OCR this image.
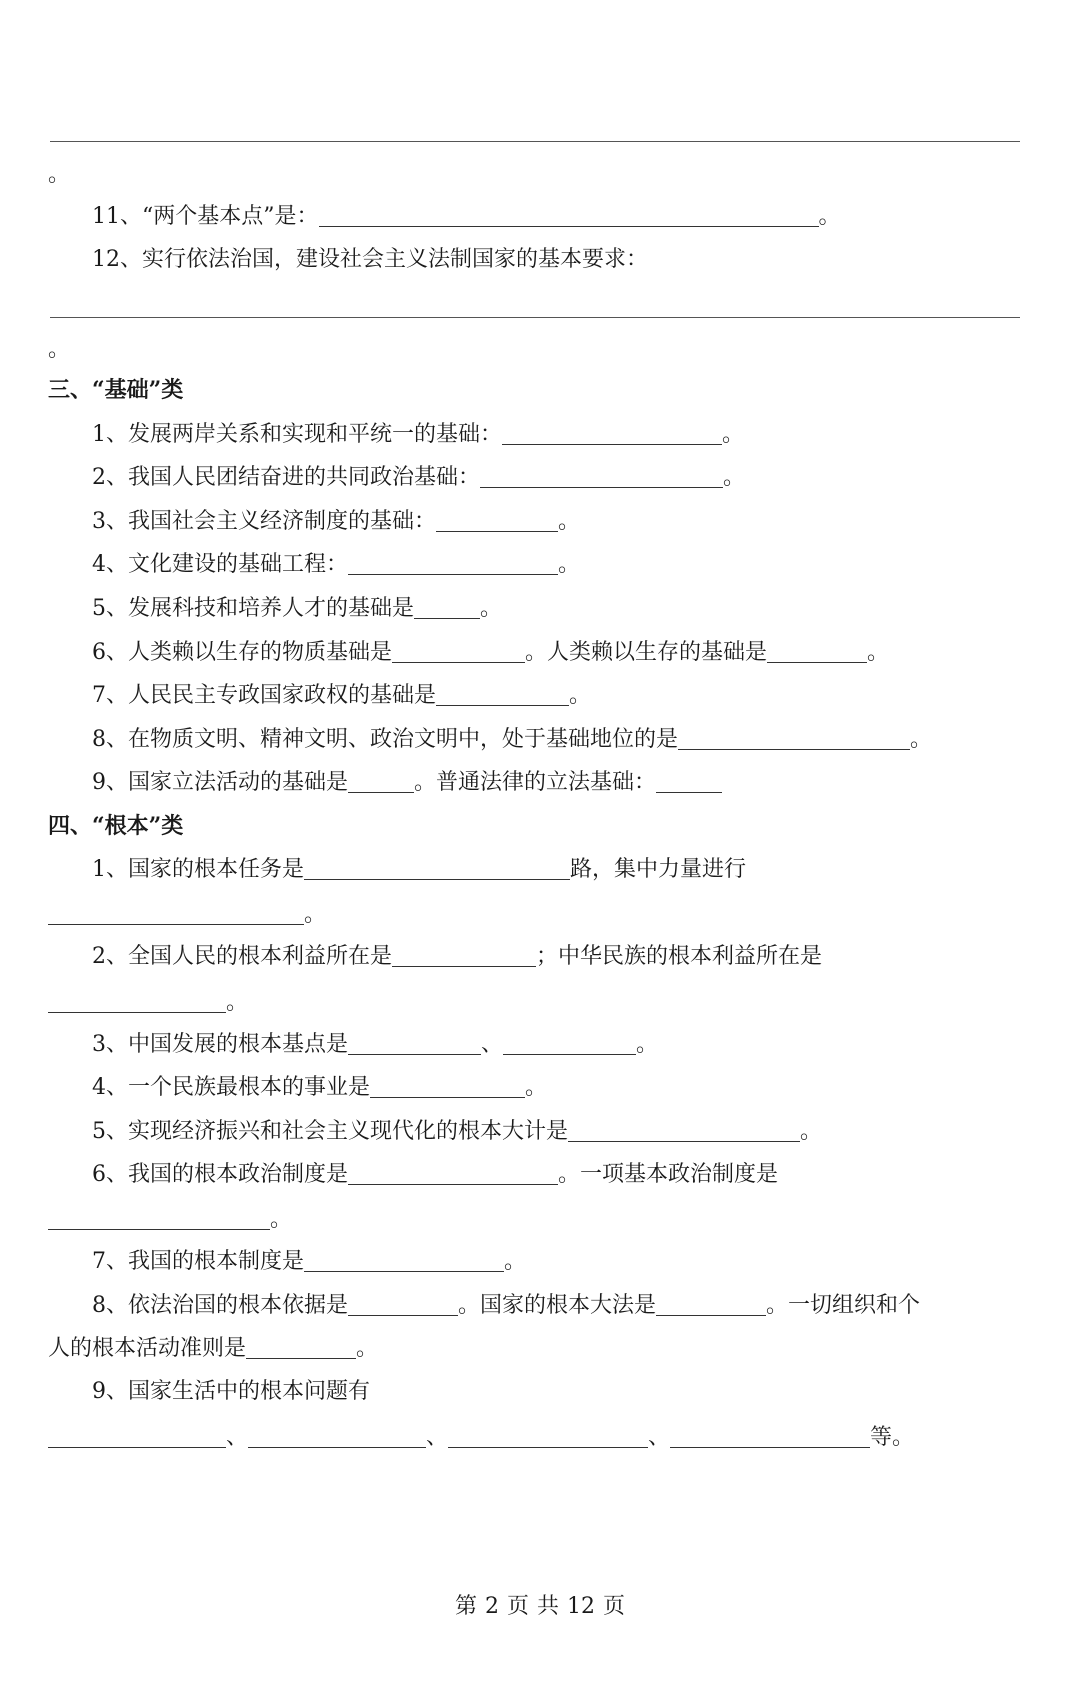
。
11、“两个基本点”是：	。
12、实行依法治国，建设社会主义法制国家的基本要求：
。
三、“基础”类
1、发展两岸关系和实现和平统一的基础：	。
2、我国人民团结奋进的共同政治基础：	。
3、我国社会主义经济制度的基础：	。
4、文化建设的基础工程：	。
5、发展科技和培养人才的基础是	。
6、人类赖以生存的物质基础是	。人类赖以生存的基础是	。
7、人民民主专政国家政权的基础是	。
8、在物质文明、精神文明、政治文明中，处于基础地位的是	。
9、国家立法活动的基础是	。普通法律的立法基础：
四、“根本”类
1、国家的根本任务是	路，集中力量进行
。
2、全国人民的根本利益所在是	；中华民族的根本利益所在是
。
3、中国发展的根本基点是	、	。
4、一个民族最根本的事业是	。
5、实现经济振兴和社会主义现代化的根本大计是	。
6、我国的根本政治制度是	。一项基本政治制度是
。
7、我国的根本制度是	。
8、依法治国的根本依据是	。国家的根本大法是	。一切组织和个
人的根本活动准则是	。
9、国家生活中的根本问题有
、	、	、	等。
第 2 页 共 12 页
